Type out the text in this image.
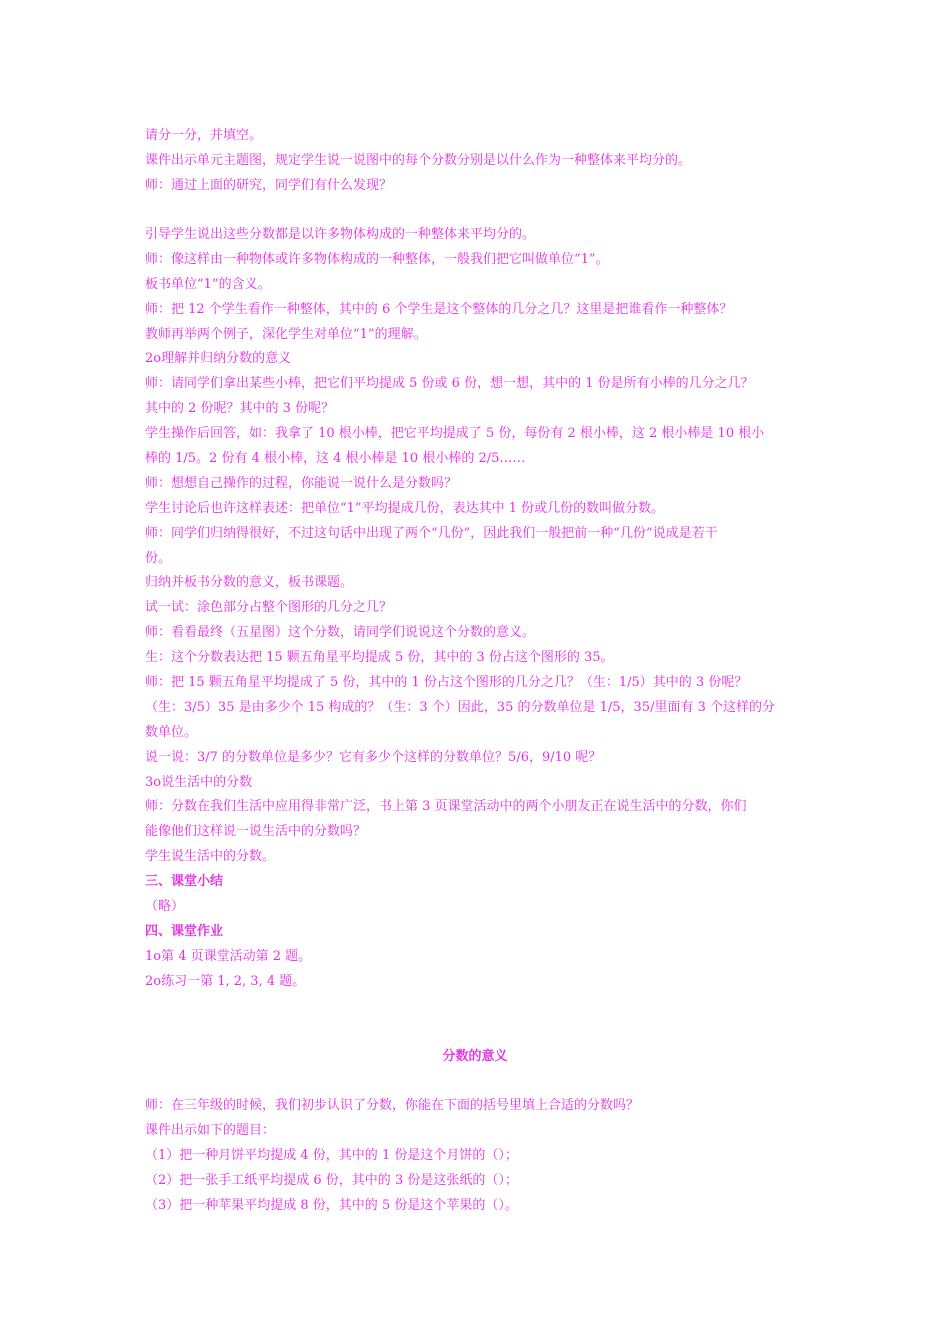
请分一分，并填空。
课件出示单元主题图，规定学生说一说图中的每个分数分别是以什么作为一种整体来平均分的。
师：通过上面的研究，同学们有什么发现？
引导学生说出这些分数都是以许多物体构成的一种整体来平均分的。
师：像这样由一种物体或许多物体构成的一种整体，一般我们把它叫做单位“1”。
板书单位“1”的含义。
师：把 12 个学生看作一种整体，其中的 6 个学生是这个整体的几分之几？这里是把谁看作一种整体？
教师再举两个例子，深化学生对单位“1”的理解。
2o理解并归纳分数的意义
师：请同学们拿出某些小棒，把它们平均提成 5 份或 6 份，想一想，其中的 1 份是所有小棒的几分之几？
其中的 2 份呢？其中的 3 份呢？
学生操作后回答，如：我拿了 10 根小棒，把它平均提成了 5 份，每份有 2 根小棒，这 2 根小棒是 10 根小
棒的 1/5。2 份有 4 根小棒，这 4 根小棒是 10 根小棒的 2/5……
师：想想自己操作的过程，你能说一说什么是分数吗？
学生讨论后也许这样表述：把单位“1”平均提成几份，表达其中 1 份或几份的数叫做分数。
师：同学们归纳得很好，不过这句话中出现了两个“几份”，因此我们一般把前一种“几份”说成是若干
份。
归纳并板书分数的意义，板书课题。
试一试：涂色部分占整个图形的几分之几？
师：看看最终（五星图）这个分数，请同学们说说这个分数的意义。
生：这个分数表达把 15 颗五角星平均提成 5 份，其中的 3 份占这个图形的 35。
师：把 15 颗五角星平均提成了 5 份，其中的 1 份占这个图形的几分之几？（生：1/5）其中的 3 份呢？
（生：3/5）35 是由多少个 15 构成的？（生：3 个）因此，35 的分数单位是 1/5，35/里面有 3 个这样的分
数单位。
说一说：3/7 的分数单位是多少？它有多少个这样的分数单位？5/6，9/10 呢？
3o说生活中的分数
师：分数在我们生活中应用得非常广泛，书上第 3 页课堂活动中的两个小朋友正在说生活中的分数，你们
能像他们这样说一说生活中的分数吗？
学生说生活中的分数。
三、课堂小结
（略）
四、课堂作业
1o第 4 页课堂活动第 2 题。
2o练习一第 1, 2, 3, 4 题。
分数的意义
师：在三年级的时候，我们初步认识了分数，你能在下面的括号里填上合适的分数吗？
课件出示如下的题目：
（1）把一种月饼平均提成 4 份，其中的 1 份是这个月饼的（）；
（2）把一张手工纸平均提成 6 份，其中的 3 份是这张纸的（）；
（3）把一种苹果平均提成 8 份，其中的 5 份是这个苹果的（）。
